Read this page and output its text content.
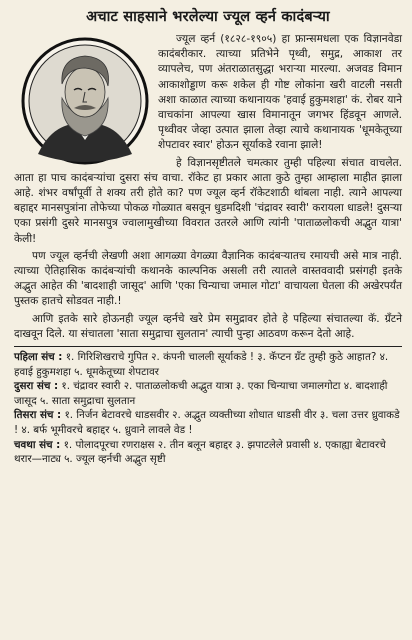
अचाट साहसाने भरलेल्या ज्यूल व्हर्न कादंबऱ्या

ज्यूल व्हर्न (१८२८-१९०५) हा फ्रान्समधला एक विज्ञानवेडा कादंबरीकार. त्याच्या प्रतिभेने पृथ्वी, समुद्र, आकाश तर व्यापलेच, पण अंतराळातसुद्धा भराऱ्या मारल्या. अजवड विमान आकाशोड्डाण करू शकेल ही गोष्ट लोकांना खरी वाटली नसती अशा काळात त्याच्या कथानायक 'हवाई हुकुमशहा' कं. रोबर याने वाचकांना आपल्या खास विमानातून जगभर हिंडवून आणले. पृथ्वीवर जेव्हा उत्पात झाला तेव्हा त्याचे कथानायक 'धूमकेतूच्या शेपटावर स्वार' होऊन सूर्याकडे रवाना झाले!

हे विज्ञानसृष्टीतले चमत्कार तुम्ही पहिल्या संचात वाचलेत. आता हा पाच कादंबऱ्यांचा दुसरा संच वाचा. रॉकेट हा प्रकार आता कुठे तुम्हा आम्हाला माहीत झाला आहे. शंभर वर्षांपूर्वी ते शक्य तरी होते का? पण ज्यूल व्हर्न रॉकेटशाठी थांबला नाही. त्याने आपल्या बहाद्दर मानसपुत्रांना तोफेच्या पोकळ गोळ्यात बसवून धुडमदिशी 'चंद्रावर स्वारी' करायला धाडले! दुसऱ्या एका प्रसंगी दुसरे मानसपुत्र ज्वालामुखीच्या विवरात उतरले आणि त्यांनी 'पाताळलोकची अद्भुत यात्रा' केली!

पण ज्यूल व्हर्नची लेखणी अशा आगळ्या वेगळ्या वैज्ञानिक कादंबऱ्यातच रमायची असे मात्र नाही. त्याच्या ऐतिहासिक कादंबऱ्यांची कथानके काल्पनिक असली तरी त्यातले वास्तववादी प्रसंगही इतके अद्भुत आहेत की 'बादशाही जासूद' आणि 'एका चिन्याचा जमाल गोटा' वाचायला घेतला की अखेरपर्यंत पुस्तक हातचे सोडवत नाही.!

आणि इतके सारे होऊनही ज्यूल व्हर्नचे खरे प्रेम समुद्रावर होते हे पहिल्या संचातल्या कॅ. ग्रँटने दाखवून दिले. या संचातला 'साता समुद्राचा सुलतान' त्याची पुन्हा आठवण करून देतो आहे.

पहिला संच : १. गिरिशिखराचे गुपित २. कंपनी चालली सूर्याकडे ! ३. कॅप्टन ग्रँट तुम्ही कुठे आहात? ४. हवाई हुकुमशहा ५. धूमकेतूच्या शेपटावर

दुसरा संच : १. चंद्रावर स्वारी २. पाताळलोकची अद्भुत यात्रा ३. एका चिन्याचा जमालगोटा ४. बादशाही जासूद ५. साता समुद्राचा सुलतान

तिसरा संच : १. निर्जन बेटावरचे धाडसवीर २. अद्भुत व्यक्तीच्या शोधात धाडसी वीर ३. चला उत्तर ध्रुवाकडे ! ४. बर्फ भूमीवरचे बहाद्दर ५. ध्रुवाने लावले वेड !

चवथा संच : १. पोलादपूरचा रणराक्षस २. तीन बलून बहाद्दर ३. झपाटलेले प्रवासी ४. एकाह्या बेटावरचे थरार—नाट्य ५. ज्यूल व्हर्नची अद्भुत सृष्टी
